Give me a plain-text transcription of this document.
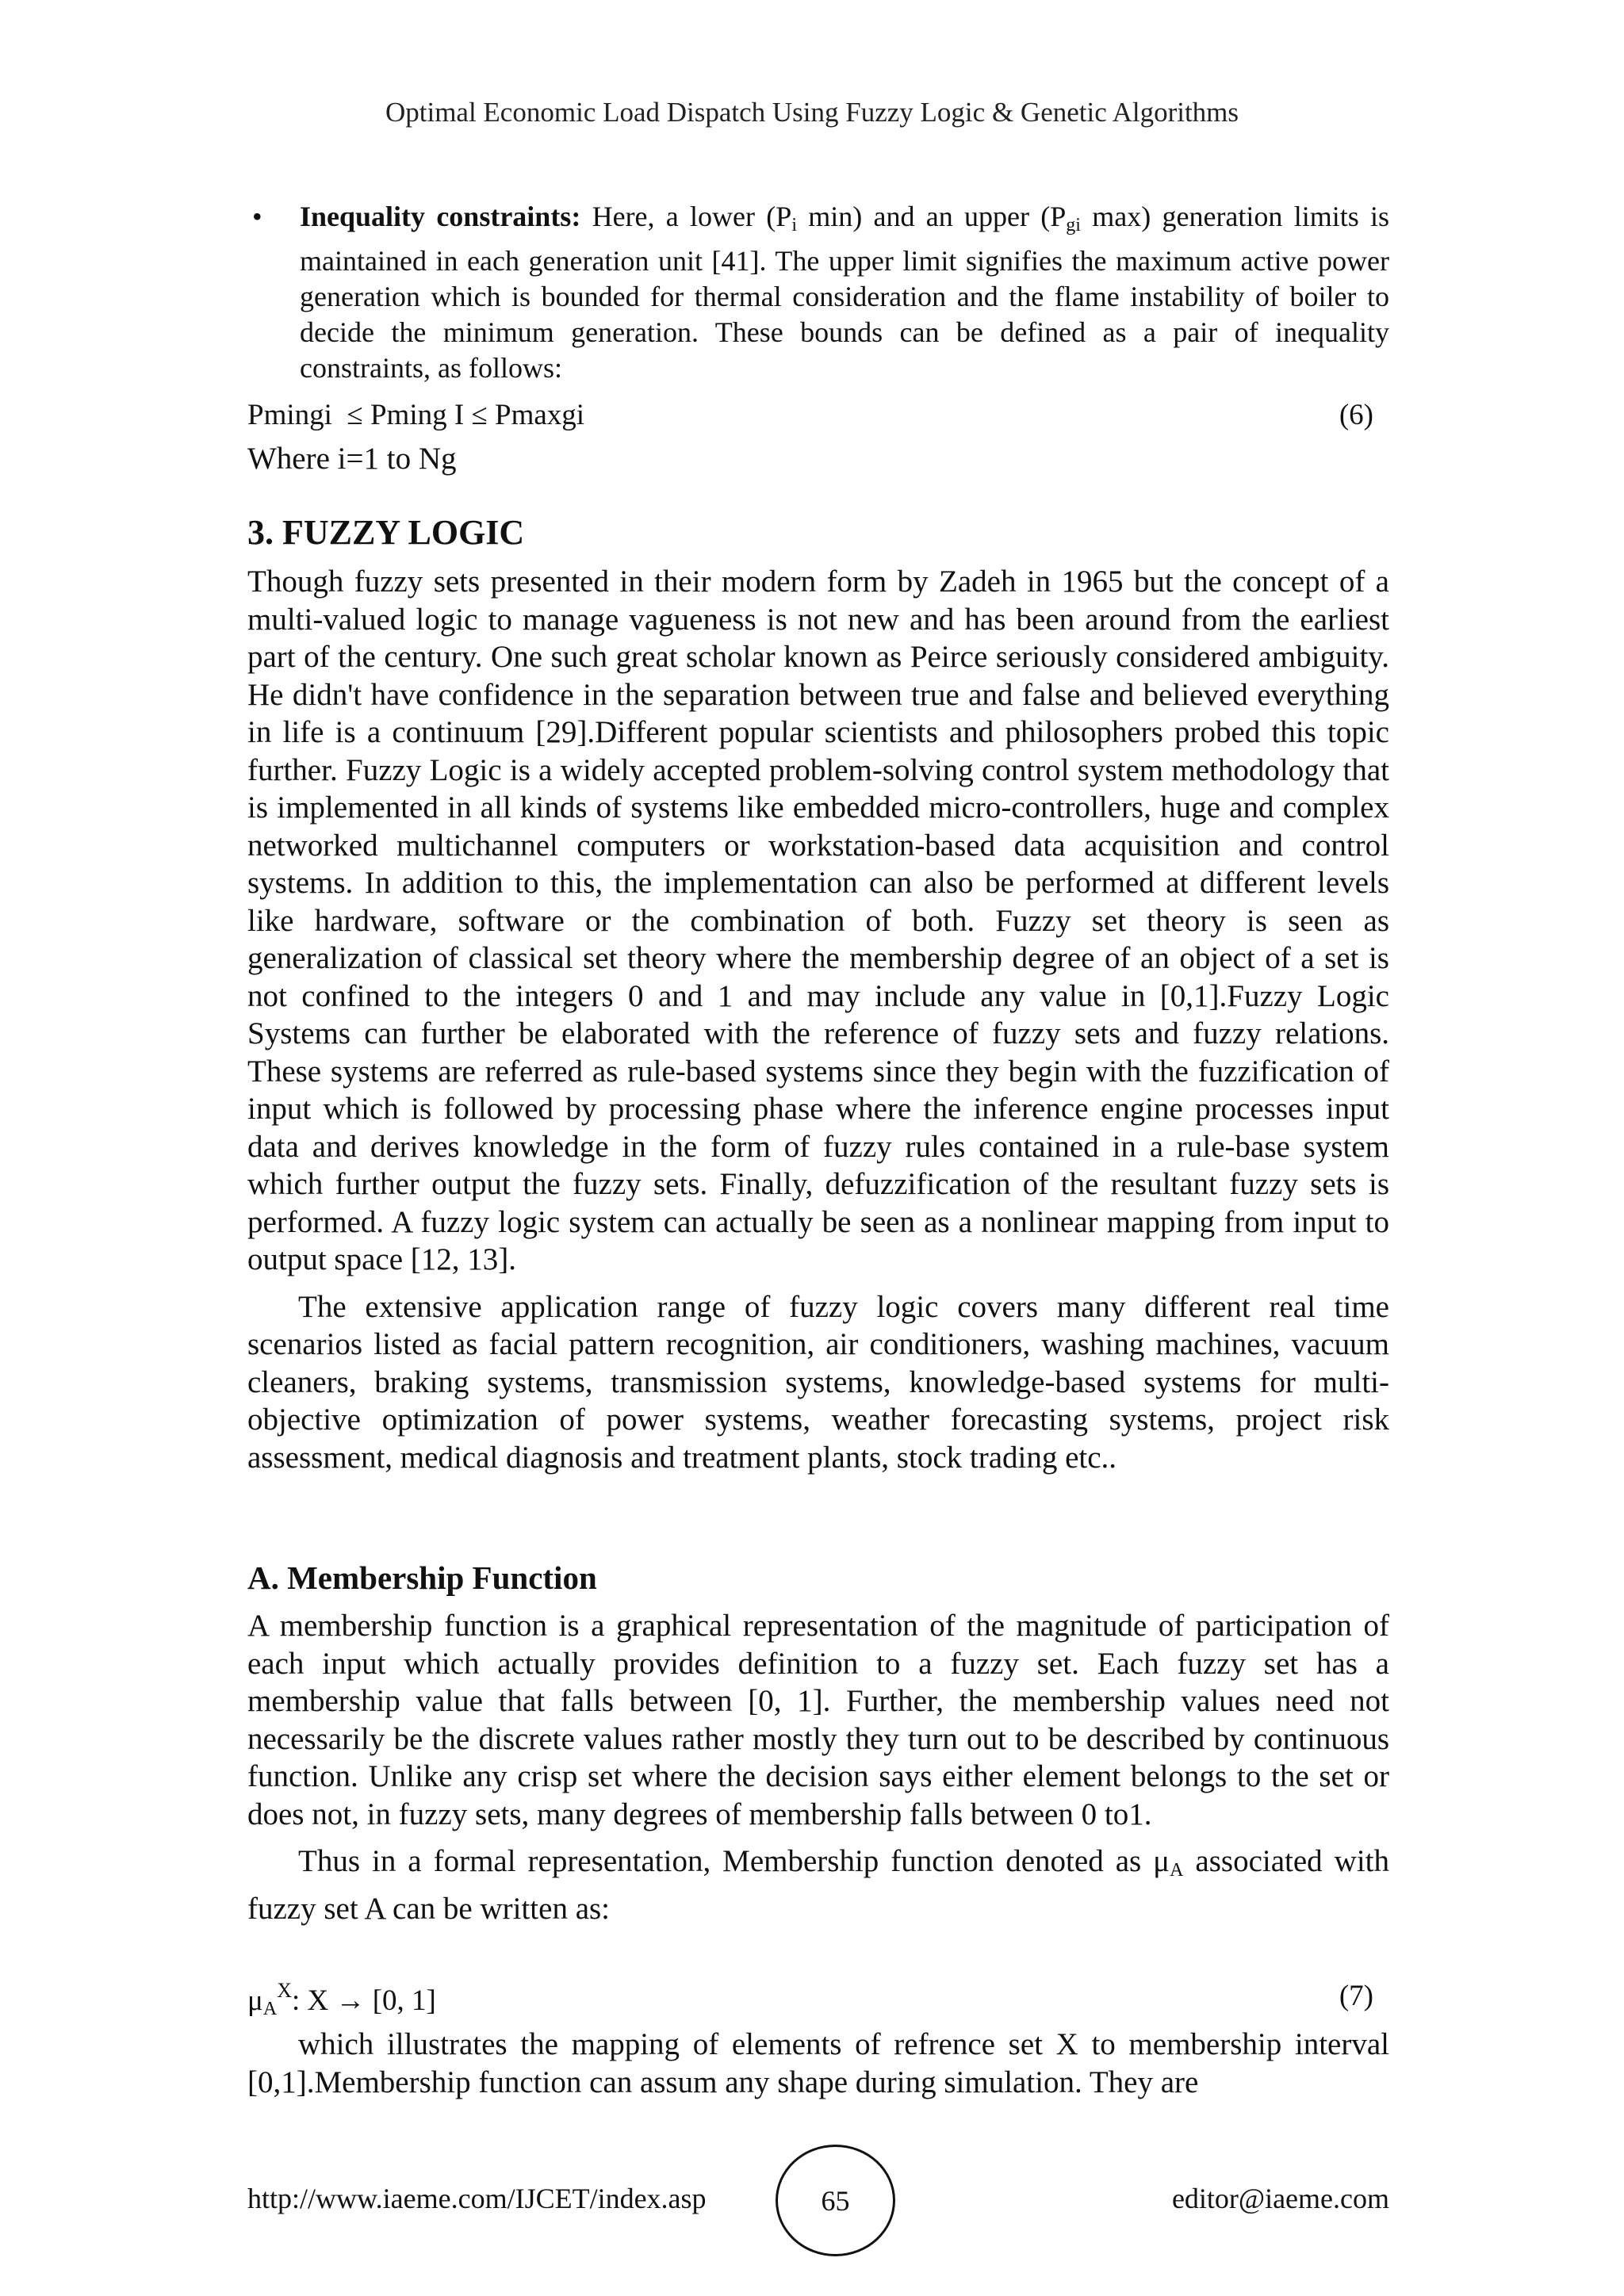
Optimal Economic Load Dispatch Using Fuzzy Logic & Genetic Algorithms
• Inequality constraints: Here, a lower ($P_i$ min) and an upper ($P_{gi}$ max) generation limits is maintained in each generation unit [41]. The upper limit signifies the maximum active power generation which is bounded for thermal consideration and the flame instability of boiler to decide the minimum generation. These bounds can be defined as a pair of inequality constraints, as follows:

Pmingi  ≤ Pming I ≤ Pmaxgi	(6)
Where i=1 to Ng
3. FUZZY LOGIC

Though fuzzy sets presented in their modern form by Zadeh in 1965 but the concept of a multi-valued logic to manage vagueness is not new and has been around from the earliest part of the century. One such great scholar known as Peirce seriously considered ambiguity. He didn't have confidence in the separation between true and false and believed everything in life is a continuum [29].Different popular scientists and philosophers probed this topic further. Fuzzy Logic is a widely accepted problem-solving control system methodology that is implemented in all kinds of systems like embedded micro-controllers, huge and complex networked multichannel computers or workstation-based data acquisition and control systems. In addition to this, the implementation can also be performed at different levels like hardware, software or the combination of both. Fuzzy set theory is seen as generalization of classical set theory where the membership degree of an object of a set is not confined to the integers 0 and 1 and may include any value in [0,1].Fuzzy Logic Systems can further be elaborated with the reference of fuzzy sets and fuzzy relations. These systems are referred as rule-based systems since they begin with the fuzzification of input which is followed by processing phase where the inference engine processes input data and derives knowledge in the form of fuzzy rules contained in a rule-base system which further output the fuzzy sets. Finally, defuzzification of the resultant fuzzy sets is performed. A fuzzy logic system can actually be seen as a nonlinear mapping from input to output space [12, 13].

The extensive application range of fuzzy logic covers many different real time scenarios listed as facial pattern recognition, air conditioners, washing machines, vacuum cleaners, braking systems, transmission systems, knowledge-based systems for multi-objective optimization of power systems, weather forecasting systems, project risk assessment, medical diagnosis and treatment plants, stock trading etc..

A. Membership Function

A membership function is a graphical representation of the magnitude of participation of each input which actually provides definition to a fuzzy set. Each fuzzy set has a membership value that falls between [0, 1]. Further, the membership values need not necessarily be the discrete values rather mostly they turn out to be described by continuous function. Unlike any crisp set where the decision says either element belongs to the set or does not, in fuzzy sets, many degrees of membership falls between 0 to1.

Thus in a formal representation, Membership function denoted as $\mu_A$ associated with fuzzy set A can be written as:

$\mu_A^X$: X → [0, 1]	(7)

which illustrates the mapping of elements of refrence set X to membership interval [0,1].Membership function can assum any shape during simulation. They are

http://www.iaeme.com/IJCET/index.asp	65	editor@iaeme.com
